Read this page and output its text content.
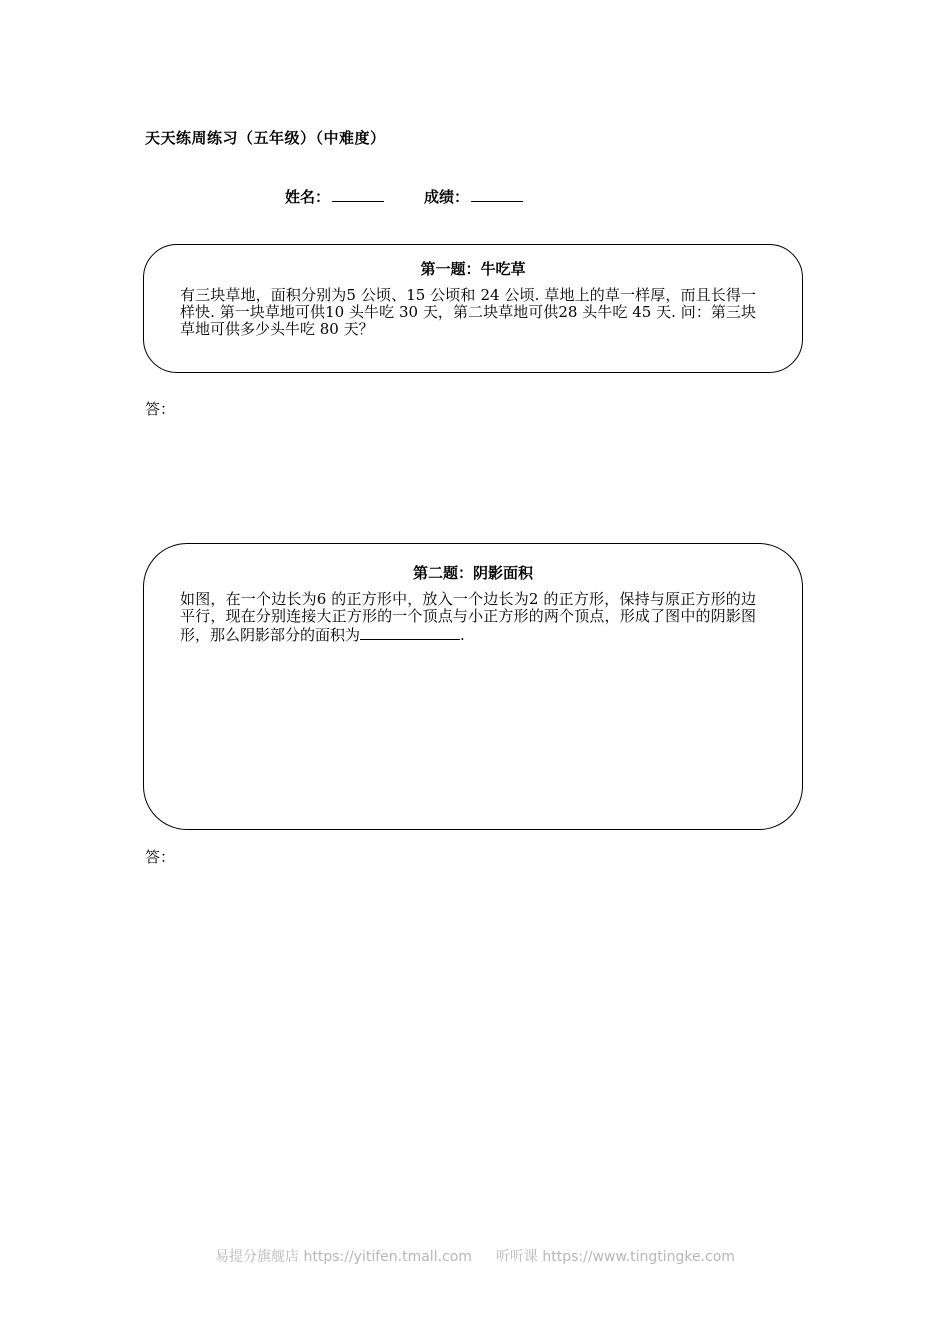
天天练周练习（五年级）（中难度）
姓名：	成绩：
第一题：牛吃草
有三块草地，面积分别为5 公顷、15 公顷和 24 公顷. 草地上的草一样厚，而且长得一样快. 第一块草地可供10 头牛吃 30 天，第二块草地可供28 头牛吃 45 天. 问：第三块草地可供多少头牛吃 80 天？
答：
第二题：阴影面积
如图，在一个边长为6 的正方形中，放入一个边长为2 的正方形，保持与原正方形的边平行，现在分别连接大正方形的一个顶点与小正方形的两个顶点，形成了图中的阴影图形，那么阴影部分的面积为	.
答：
易提分旗舰店 https://yitifen.tmall.com 听听课 https://www.tingtingke.com
